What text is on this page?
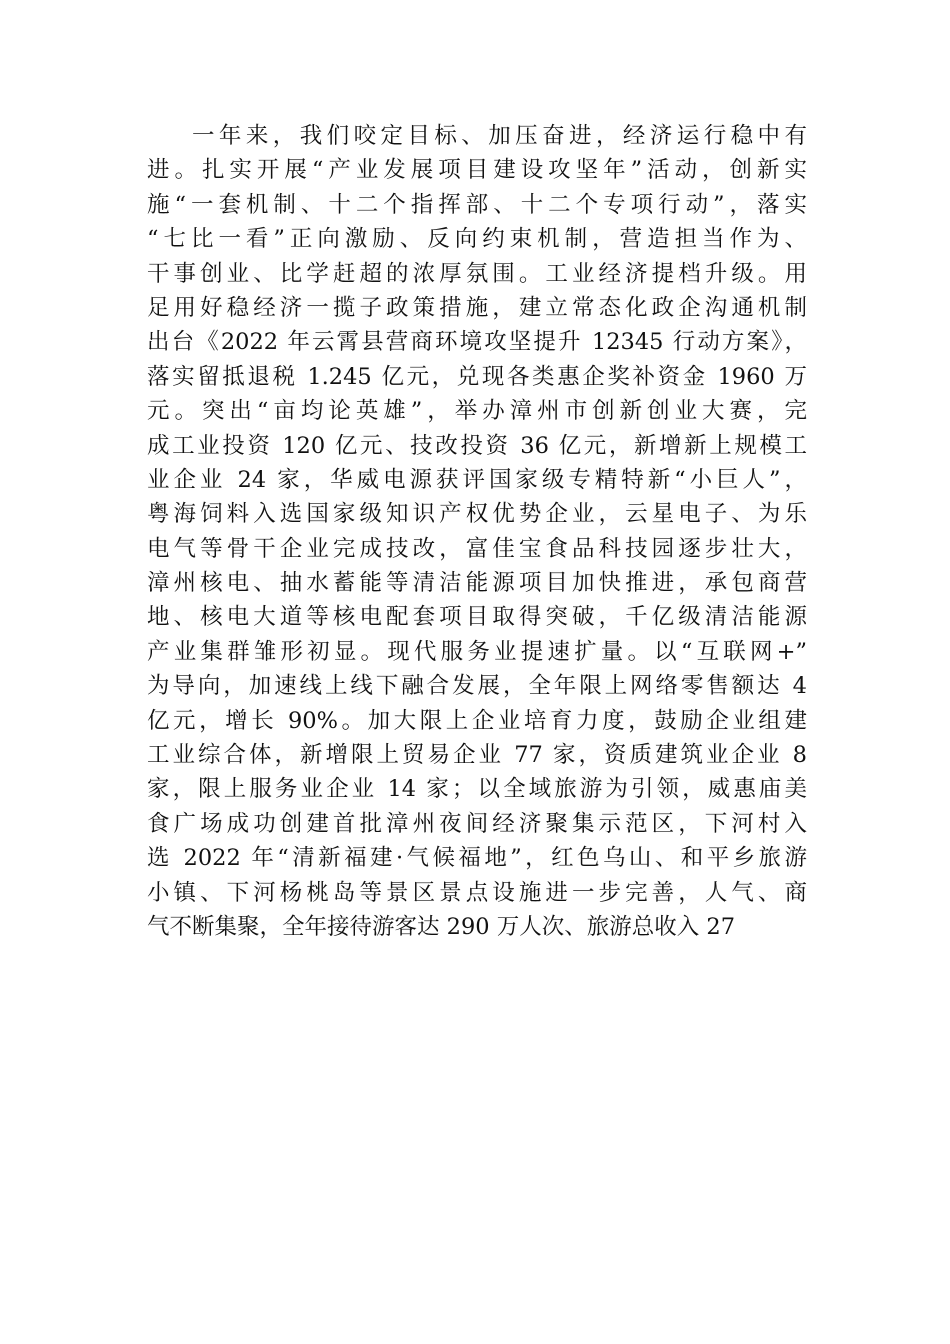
一年来，我们咬定目标、加压奋进，经济运行稳中有
进。扎实开展“产业发展项目建设攻坚年”活动，创新实
施“一套机制、十二个指挥部、十二个专项行动”，落实
“七比一看”正向激励、反向约束机制，营造担当作为、
干事创业、比学赶超的浓厚氛围。工业经济提档升级。用
足用好稳经济一揽子政策措施，建立常态化政企沟通机制
出台《2022 年云霄县营商环境攻坚提升 12345 行动方案》，
落实留抵退税 1.245 亿元，兑现各类惠企奖补资金 1960 万
元。突出“亩均论英雄”，举办漳州市创新创业大赛，完
成工业投资 120 亿元、技改投资 36 亿元，新增新上规模工
业企业 24 家，华威电源获评国家级专精特新“小巨人”，
粤海饲料入选国家级知识产权优势企业，云星电子、为乐
电气等骨干企业完成技改，富佳宝食品科技园逐步壮大，
漳州核电、抽水蓄能等清洁能源项目加快推进，承包商营
地、核电大道等核电配套项目取得突破，千亿级清洁能源
产业集群雏形初显。现代服务业提速扩量。以“互联网+”
为导向，加速线上线下融合发展，全年限上网络零售额达 4
亿元，增长 90%。加大限上企业培育力度，鼓励企业组建
工业综合体，新增限上贸易企业 77 家，资质建筑业企业 8
家，限上服务业企业 14 家；以全域旅游为引领，威惠庙美
食广场成功创建首批漳州夜间经济聚集示范区，下河村入
选 2022 年“清新福建·气候福地”，红色乌山、和平乡旅游
小镇、下河杨桃岛等景区景点设施进一步完善，人气、商
气不断集聚，全年接待游客达 290 万人次、旅游总收入 27
